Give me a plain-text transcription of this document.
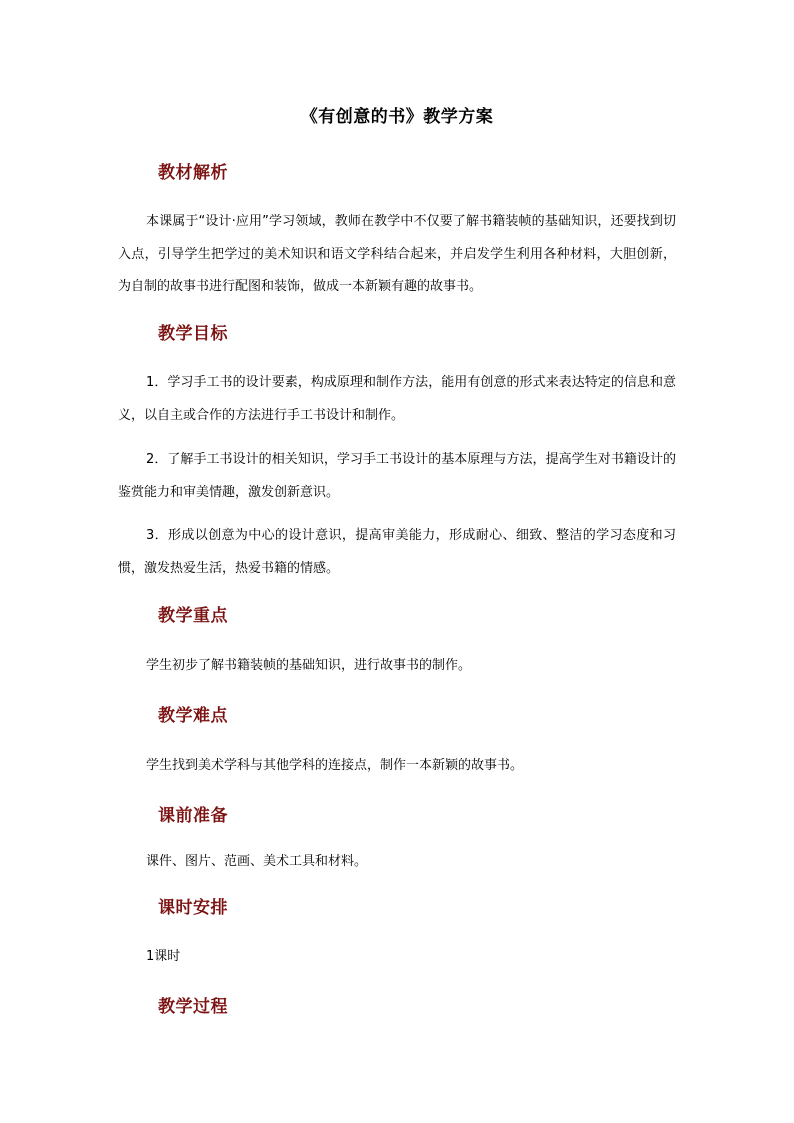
《有创意的书》教学方案
教材解析

本课属于“设计·应用”学习领域，教师在教学中不仅要了解书籍装帧的基础知识，还要找到切入点，引导学生把学过的美术知识和语文学科结合起来，并启发学生利用各种材料，大胆创新，为自制的故事书进行配图和装饰，做成一本新颖有趣的故事书。

教学目标

1．学习手工书的设计要素，构成原理和制作方法，能用有创意的形式来表达特定的信息和意义，以自主或合作的方法进行手工书设计和制作。

2．了解手工书设计的相关知识，学习手工书设计的基本原理与方法，提高学生对书籍设计的鉴赏能力和审美情趣，激发创新意识。

3．形成以创意为中心的设计意识，提高审美能力，形成耐心、细致、整洁的学习态度和习惯，激发热爱生活，热爱书籍的情感。

教学重点

学生初步了解书籍装帧的基础知识，进行故事书的制作。

教学难点

学生找到美术学科与其他学科的连接点，制作一本新颖的故事书。

课前准备

课件、图片、范画、美术工具和材料。

课时安排

1课时

教学过程
